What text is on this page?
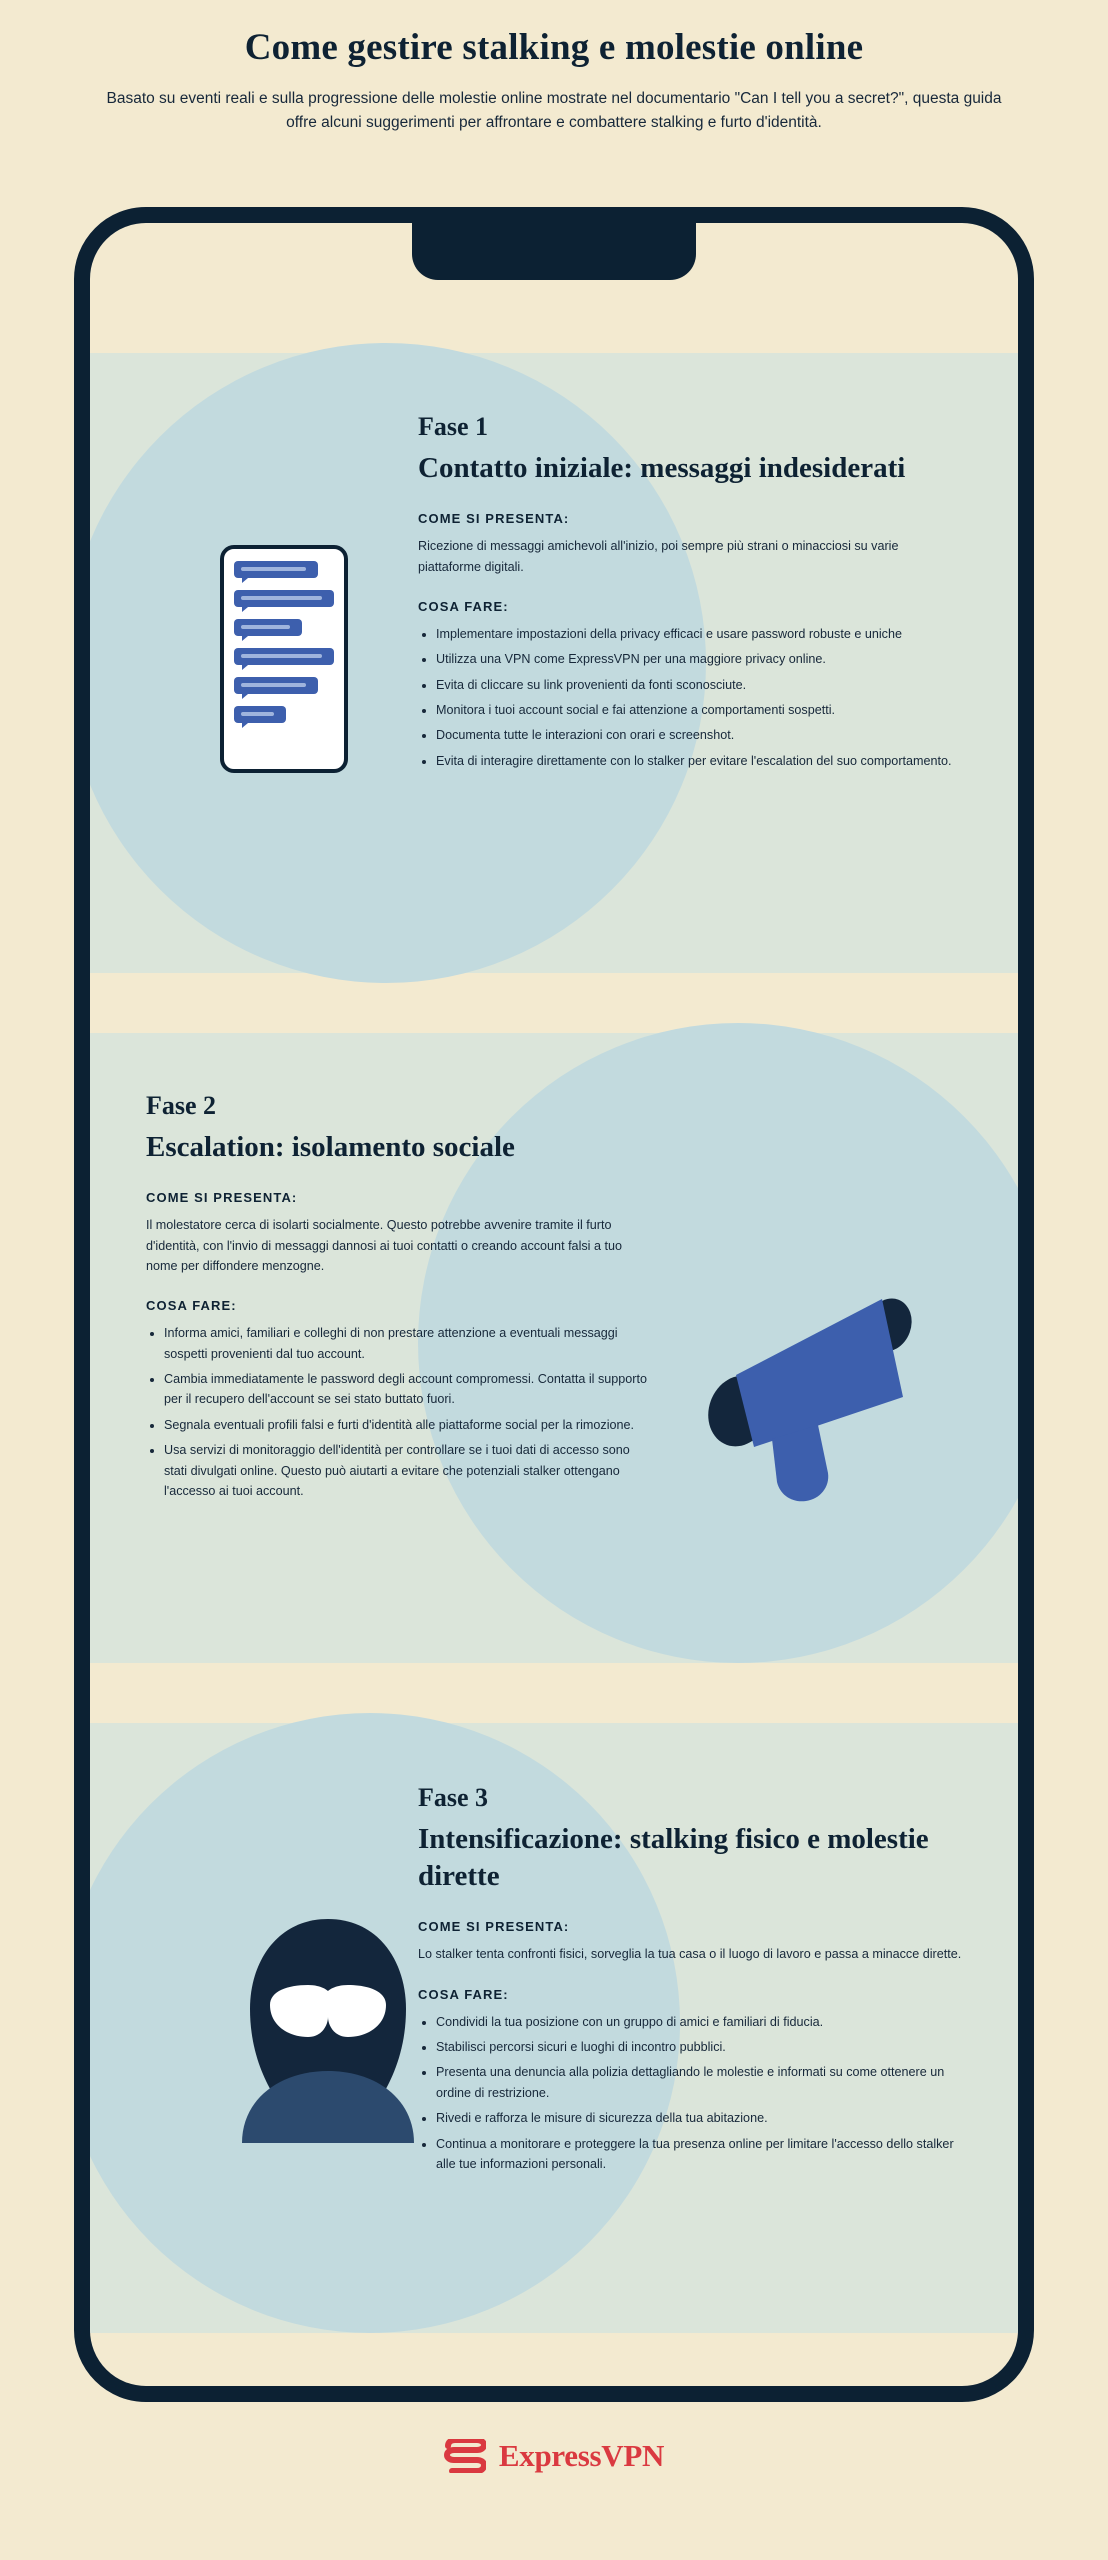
Come gestire stalking e molestie online

Basato su eventi reali e sulla progressione delle molestie online mostrate nel documentario "Can I tell you a secret?", questa guida offre alcuni suggerimenti per affrontare e combattere stalking e furto d'identità.

Fase 1
Contatto iniziale: messaggi indesiderati
COME SI PRESENTA:
Ricezione di messaggi amichevoli all'inizio, poi sempre più strani o minacciosi su varie piattaforme digitali.
COSA FARE:
• Implementare impostazioni della privacy efficaci e usare password robuste e uniche
• Utilizza una VPN come ExpressVPN per una maggiore privacy online.
• Evita di cliccare su link provenienti da fonti sconosciute.
• Monitora i tuoi account social e fai attenzione a comportamenti sospetti.
• Documenta tutte le interazioni con orari e screenshot.
• Evita di interagire direttamente con lo stalker per evitare l'escalation del suo comportamento.
Fase 2
Escalation: isolamento sociale
COME SI PRESENTA:
Il molestatore cerca di isolarti socialmente. Questo potrebbe avvenire tramite il furto d'identità, con l'invio di messaggi dannosi ai tuoi contatti o creando account falsi a tuo nome per diffondere menzogne.
COSA FARE:
• Informa amici, familiari e colleghi di non prestare attenzione a eventuali messaggi sospetti provenienti dal tuo account.
• Cambia immediatamente le password degli account compromessi. Contatta il supporto per il recupero dell'account se sei stato buttato fuori.
• Segnala eventuali profili falsi e furti d'identità alle piattaforme social per la rimozione.
• Usa servizi di monitoraggio dell'identità per controllare se i tuoi dati di accesso sono stati divulgati online. Questo può aiutarti a evitare che potenziali stalker ottengano l'accesso ai tuoi account.
Fase 3
Intensificazione: stalking fisico e molestie dirette
COME SI PRESENTA:
Lo stalker tenta confronti fisici, sorveglia la tua casa o il luogo di lavoro e passa a minacce dirette.
COSA FARE:
• Condividi la tua posizione con un gruppo di amici e familiari di fiducia.
• Stabilisci percorsi sicuri e luoghi di incontro pubblici.
• Presenta una denuncia alla polizia dettagliando le molestie e informati su come ottenere un ordine di restrizione.
• Rivedi e rafforza le misure di sicurezza della tua abitazione.
• Continua a monitorare e proteggere la tua presenza online per limitare l'accesso dello stalker alle tue informazioni personali.
ExpressVPN
